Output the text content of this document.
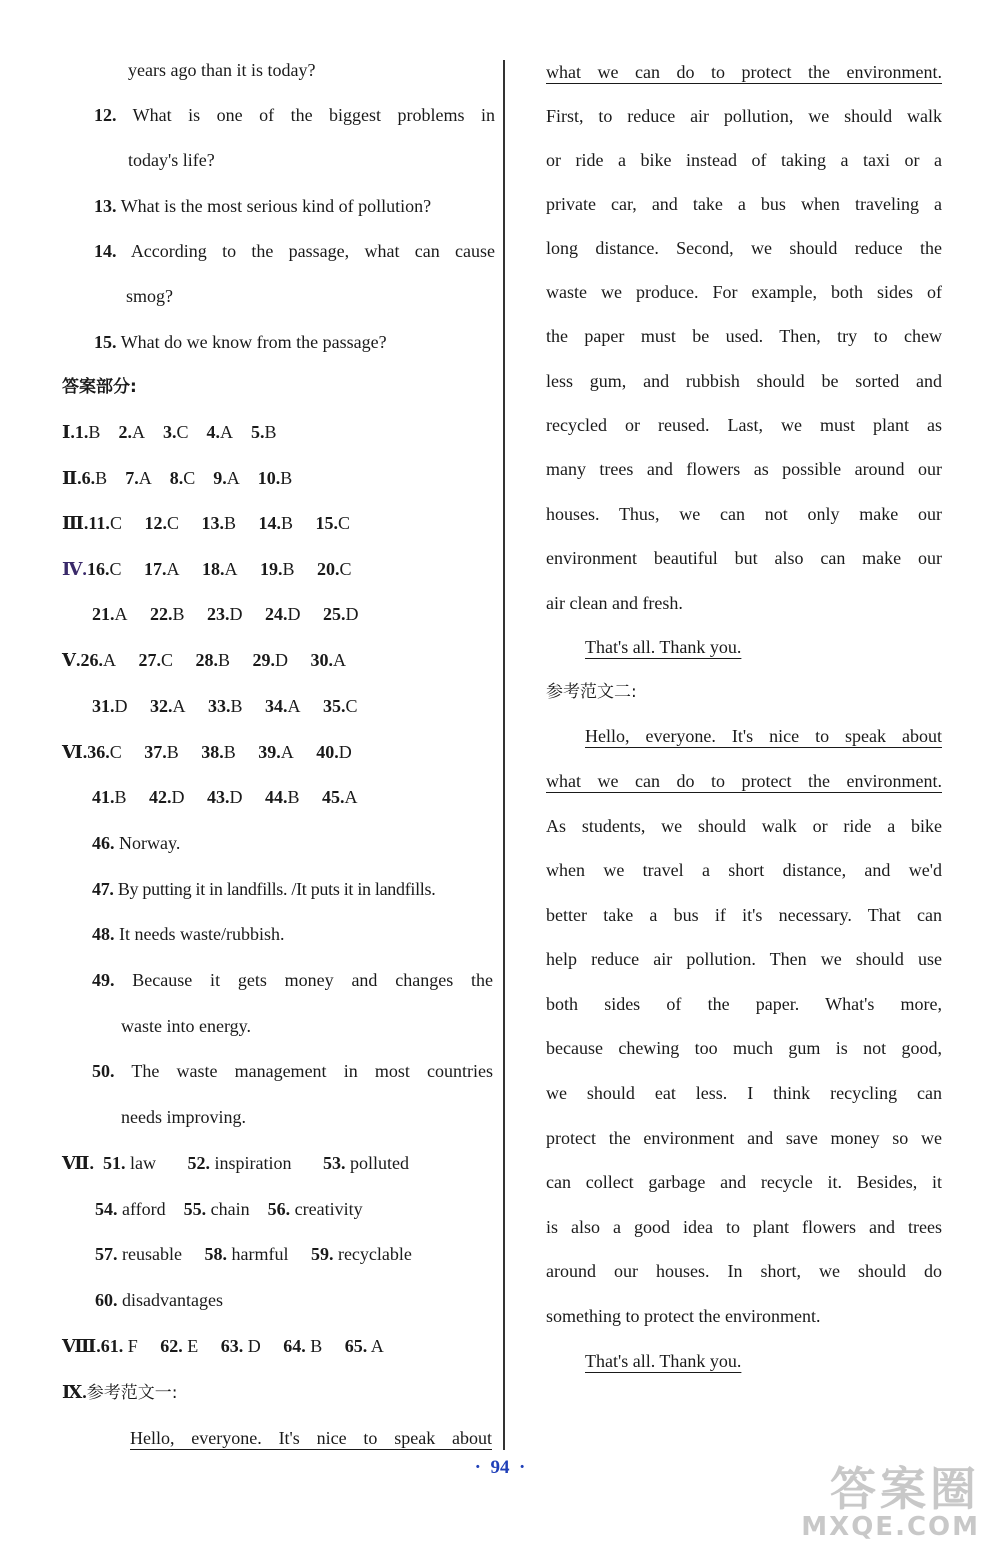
years ago than it is today?
12. What is one of the biggest problems in
today's life?
13. What is the most serious kind of pollution?
14. According to the passage, what can cause
smog?
15. What do we know from the passage?
答案部分:
Ⅰ.1.B 2.A 3.C 4.A 5.B
Ⅱ.6.B 7.A 8.C 9.A 10.B
Ⅲ.11.C 12.C 13.B 14.B 15.C
Ⅳ.16.C 17.A 18.A 19.B 20.C
21.A 22.B 23.D 24.D 25.D
Ⅴ.26.A 27.C 28.B 29.D 30.A
31.D 32.A 33.B 34.A 35.C
Ⅵ.36.C 37.B 38.B 39.A 40.D
41.B 42.D 43.D 44.B 45.A
46. Norway.
47. By putting it in landfills. /It puts it in landfills.
48. It needs waste/rubbish.
49. Because it gets money and changes the
waste into energy.
50. The waste management in most countries
needs improving.
Ⅶ. 51. law 52. inspiration 53. polluted
54. afford 55. chain 56. creativity
57. reusable 58. harmful 59. recyclable
60. disadvantages
Ⅷ.61. F 62. E 63. D 64. B 65. A
Ⅸ.参考范文一:
Hello, everyone. It's nice to speak about
what we can do to protect the environment.
First, to reduce air pollution, we should walk
or ride a bike instead of taking a taxi or a
private car, and take a bus when traveling a
long distance. Second, we should reduce the
waste we produce. For example, both sides of
the paper must be used. Then, try to chew
less gum, and rubbish should be sorted and
recycled or reused. Last, we must plant as
many trees and flowers as possible around our
houses. Thus, we can not only make our
environment beautiful but also can make our
air clean and fresh.
That's all. Thank you.
参考范文二:
Hello, everyone. It's nice to speak about
what we can do to protect the environment.
As students, we should walk or ride a bike
when we travel a short distance, and we'd
better take a bus if it's necessary. That can
help reduce air pollution. Then we should use
both sides of the paper. What's more,
because chewing too much gum is not good,
we should eat less. I think recycling can
protect the environment and save money so we
can collect garbage and recycle it. Besides, it
is also a good idea to plant flowers and trees
around our houses. In short, we should do
something to protect the environment.
That's all. Thank you.
·  94  ·	答案圈
MXQE.COM
